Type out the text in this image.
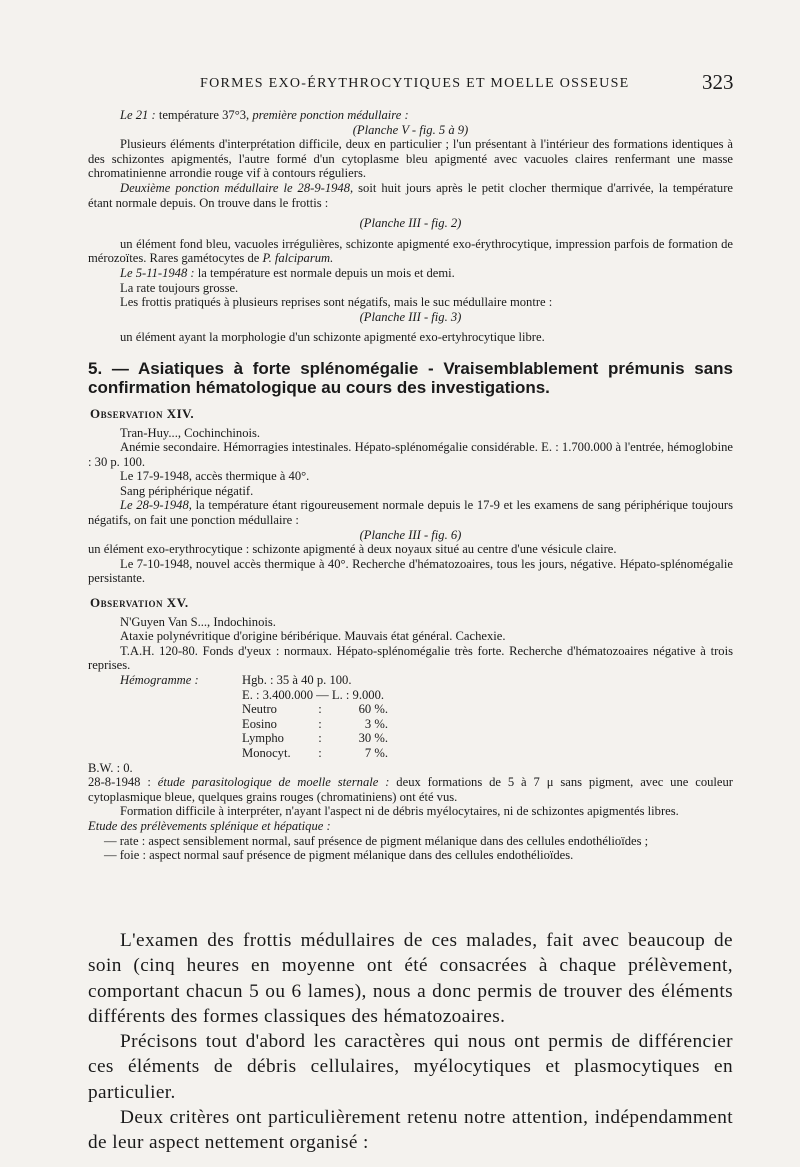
FORMES EXO-ÉRYTHROCYTIQUES ET MOELLE OSSEUSE	323

Le 21 : température 37°3, première ponction médullaire :

(Planche V - fig. 5 à 9)

Plusieurs éléments d'interprétation difficile, deux en particulier ; l'un présentant à l'intérieur des formations identiques à des schizontes apigmentés, l'autre formé d'un cytoplasme bleu apigmenté avec vacuoles claires renfermant une masse chromatinienne arrondie rouge vif à contours réguliers.

Deuxième ponction médullaire le 28-9-1948, soit huit jours après le petit clocher thermique d'arrivée, la température étant normale depuis. On trouve dans le frottis :

(Planche III - fig. 2)

un élément fond bleu, vacuoles irrégulières, schizonte apigmenté exo-érythrocytique, impression parfois de formation de mérozoïtes. Rares gamétocytes de P. falciparum.

Le 5-11-1948 : la température est normale depuis un mois et demi.

La rate toujours grosse.

Les frottis pratiqués à plusieurs reprises sont négatifs, mais le suc médullaire montre :

(Planche III - fig. 3)

un élément ayant la morphologie d'un schizonte apigmenté exo-ertyhrocytique libre.

5. — Asiatiques à forte splénomégalie - Vraisemblablement prémunis sans confirmation hématologique au cours des investigations.
Observation XIV.

Tran-Huy..., Cochinchinois.

Anémie secondaire. Hémorragies intestinales. Hépato-splénomégalie considérable. E. : 1.700.000 à l'entrée, hémoglobine : 30 p. 100.

Le 17-9-1948, accès thermique à 40°.

Sang périphérique négatif.

Le 28-9-1948, la température étant rigoureusement normale depuis le 17-9 et les examens de sang périphérique toujours négatifs, on fait une ponction médullaire :

(Planche III - fig. 6)

un élément exo-erythrocytique : schizonte apigmenté à deux noyaux situé au centre d'une vésicule claire.

Le 7-10-1948, nouvel accès thermique à 40°. Recherche d'hématozoaires, tous les jours, négative. Hépato-splénomégalie persistante.

Observation XV.

N'Guyen Van S..., Indochinois.

Ataxie polynévritique d'origine béribérique. Mauvais état général. Cachexie.

T.A.H. 120-80. Fonds d'yeux : normaux. Hépato-splénomégalie très forte. Recherche d'hématozoaires négative à trois reprises.

Hémogramme :	Hgb. : 35 à 40 p. 100.
E. : 3.400.000 — L. : 9.000.
Neutro	:	60 %.
Eosino	:	3 %.
Lympho	:	30 %.
Monocyt.	:	7 %.

B.W. : 0.

28-8-1948 : étude parasitologique de moelle sternale : deux formations de 5 à 7 μ sans pigment, avec une couleur cytoplasmique bleue, quelques grains rouges (chromatiniens) ont été vus.

Formation difficile à interpréter, n'ayant l'aspect ni de débris myélocytaires, ni de schizontes apigmentés libres.

Etude des prélèvements splénique et hépatique :

— rate : aspect sensiblement normal, sauf présence de pigment mélanique dans des cellules endothélioïdes ;

— foie : aspect normal sauf présence de pigment mélanique dans des cellules endothélioïdes.

L'examen des frottis médullaires de ces malades, fait avec beaucoup de soin (cinq heures en moyenne ont été consacrées à chaque prélèvement, comportant chacun 5 ou 6 lames), nous a donc permis de trouver des éléments différents des formes classiques des hématozoaires.

Précisons tout d'abord les caractères qui nous ont permis de différencier ces éléments de débris cellulaires, myélocytiques et plasmocytiques en particulier.

Deux critères ont particulièrement retenu notre attention, indépendamment de leur aspect nettement organisé :
